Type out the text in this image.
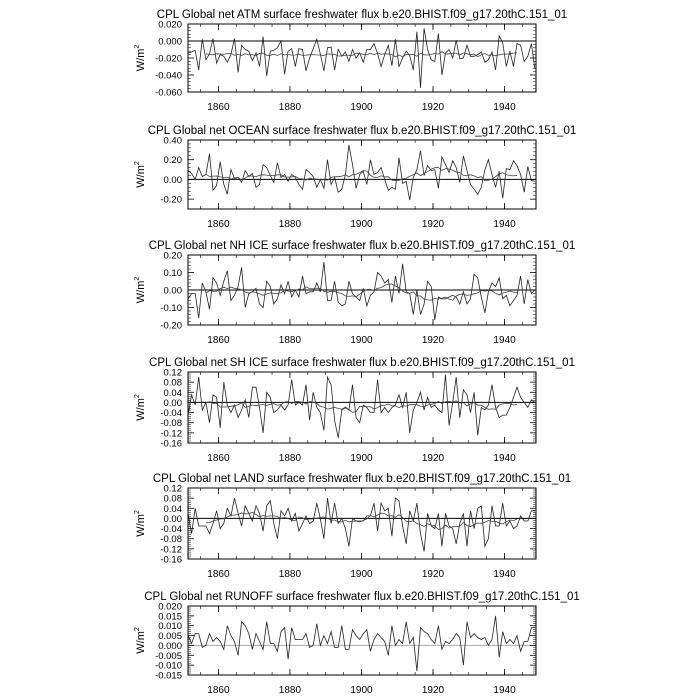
CPL Global net ATM surface freshwater flux b.e20.BHIST.f09_g17.20thC.151_01
$W/m^2$
1860	1880	1900	1920	1940
-0.060
-0.040
-0.020
0.000
0.020
CPL Global net OCEAN surface freshwater flux b.e20.BHIST.f09_g17.20thC.151_01
$W/m^2$
1860	1880	1900	1920	1940
-0.20
0.00
0.20
0.40
CPL Global net NH ICE surface freshwater flux b.e20.BHIST.f09_g17.20thC.151_01
$W/m^2$
1860	1880	1900	1920	1940
-0.20
-0.10
0.00
0.10
0.20
CPL Global net SH ICE surface freshwater flux b.e20.BHIST.f09_g17.20thC.151_01
$W/m^2$
1860	1880	1900	1920	1940
-0.16
-0.12
-0.08
-0.04
0.00
0.04
0.08
0.12
CPL Global net LAND surface freshwater flux b.e20.BHIST.f09_g17.20thC.151_01
$W/m^2$
1860	1880	1900	1920	1940
-0.16
-0.12
-0.08
-0.04
0.00
0.04
0.08
0.12
CPL Global net RUNOFF surface freshwater flux b.e20.BHIST.f09_g17.20thC.151_01
$W/m^2$
1860	1880	1900	1920	1940
-0.015
-0.010
-0.005
0.000
0.005
0.010
0.015
0.020
